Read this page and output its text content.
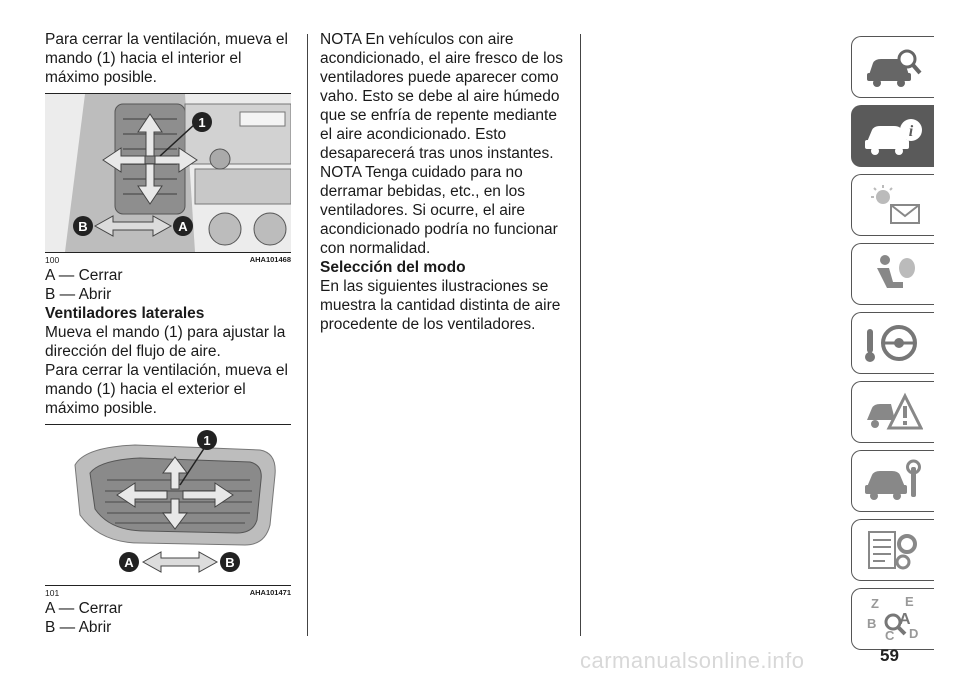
Para cerrar la ventilación, mueva el mando (1) hacia el interior el máximo posible.

1
B	A
100	AHA101468

A — Cerrar

B — Abrir

Ventiladores laterales

Mueva el mando (1) para ajustar la dirección del flujo de aire.

Para cerrar la ventilación, mueva el mando (1) hacia el exterior el máximo posible.

1
A	B
101	AHA101471

A — Cerrar

B — Abrir

NOTA En vehículos con aire acondicionado, el aire fresco de los ventiladores puede aparecer como vaho. Esto se debe al aire húmedo que se enfría de repente mediante el aire acondicionado. Esto desaparecerá tras unos instantes.

NOTA Tenga cuidado para no derramar bebidas, etc., en los ventiladores. Si ocurre, el aire acondicionado podría no funcionar con normalidad.

Selección del modo

En las siguientes ilustraciones se muestra la cantidad distinta de aire procedente de los ventiladores.

i
Z E
A
B
C D
carmanualsonline.info	59
